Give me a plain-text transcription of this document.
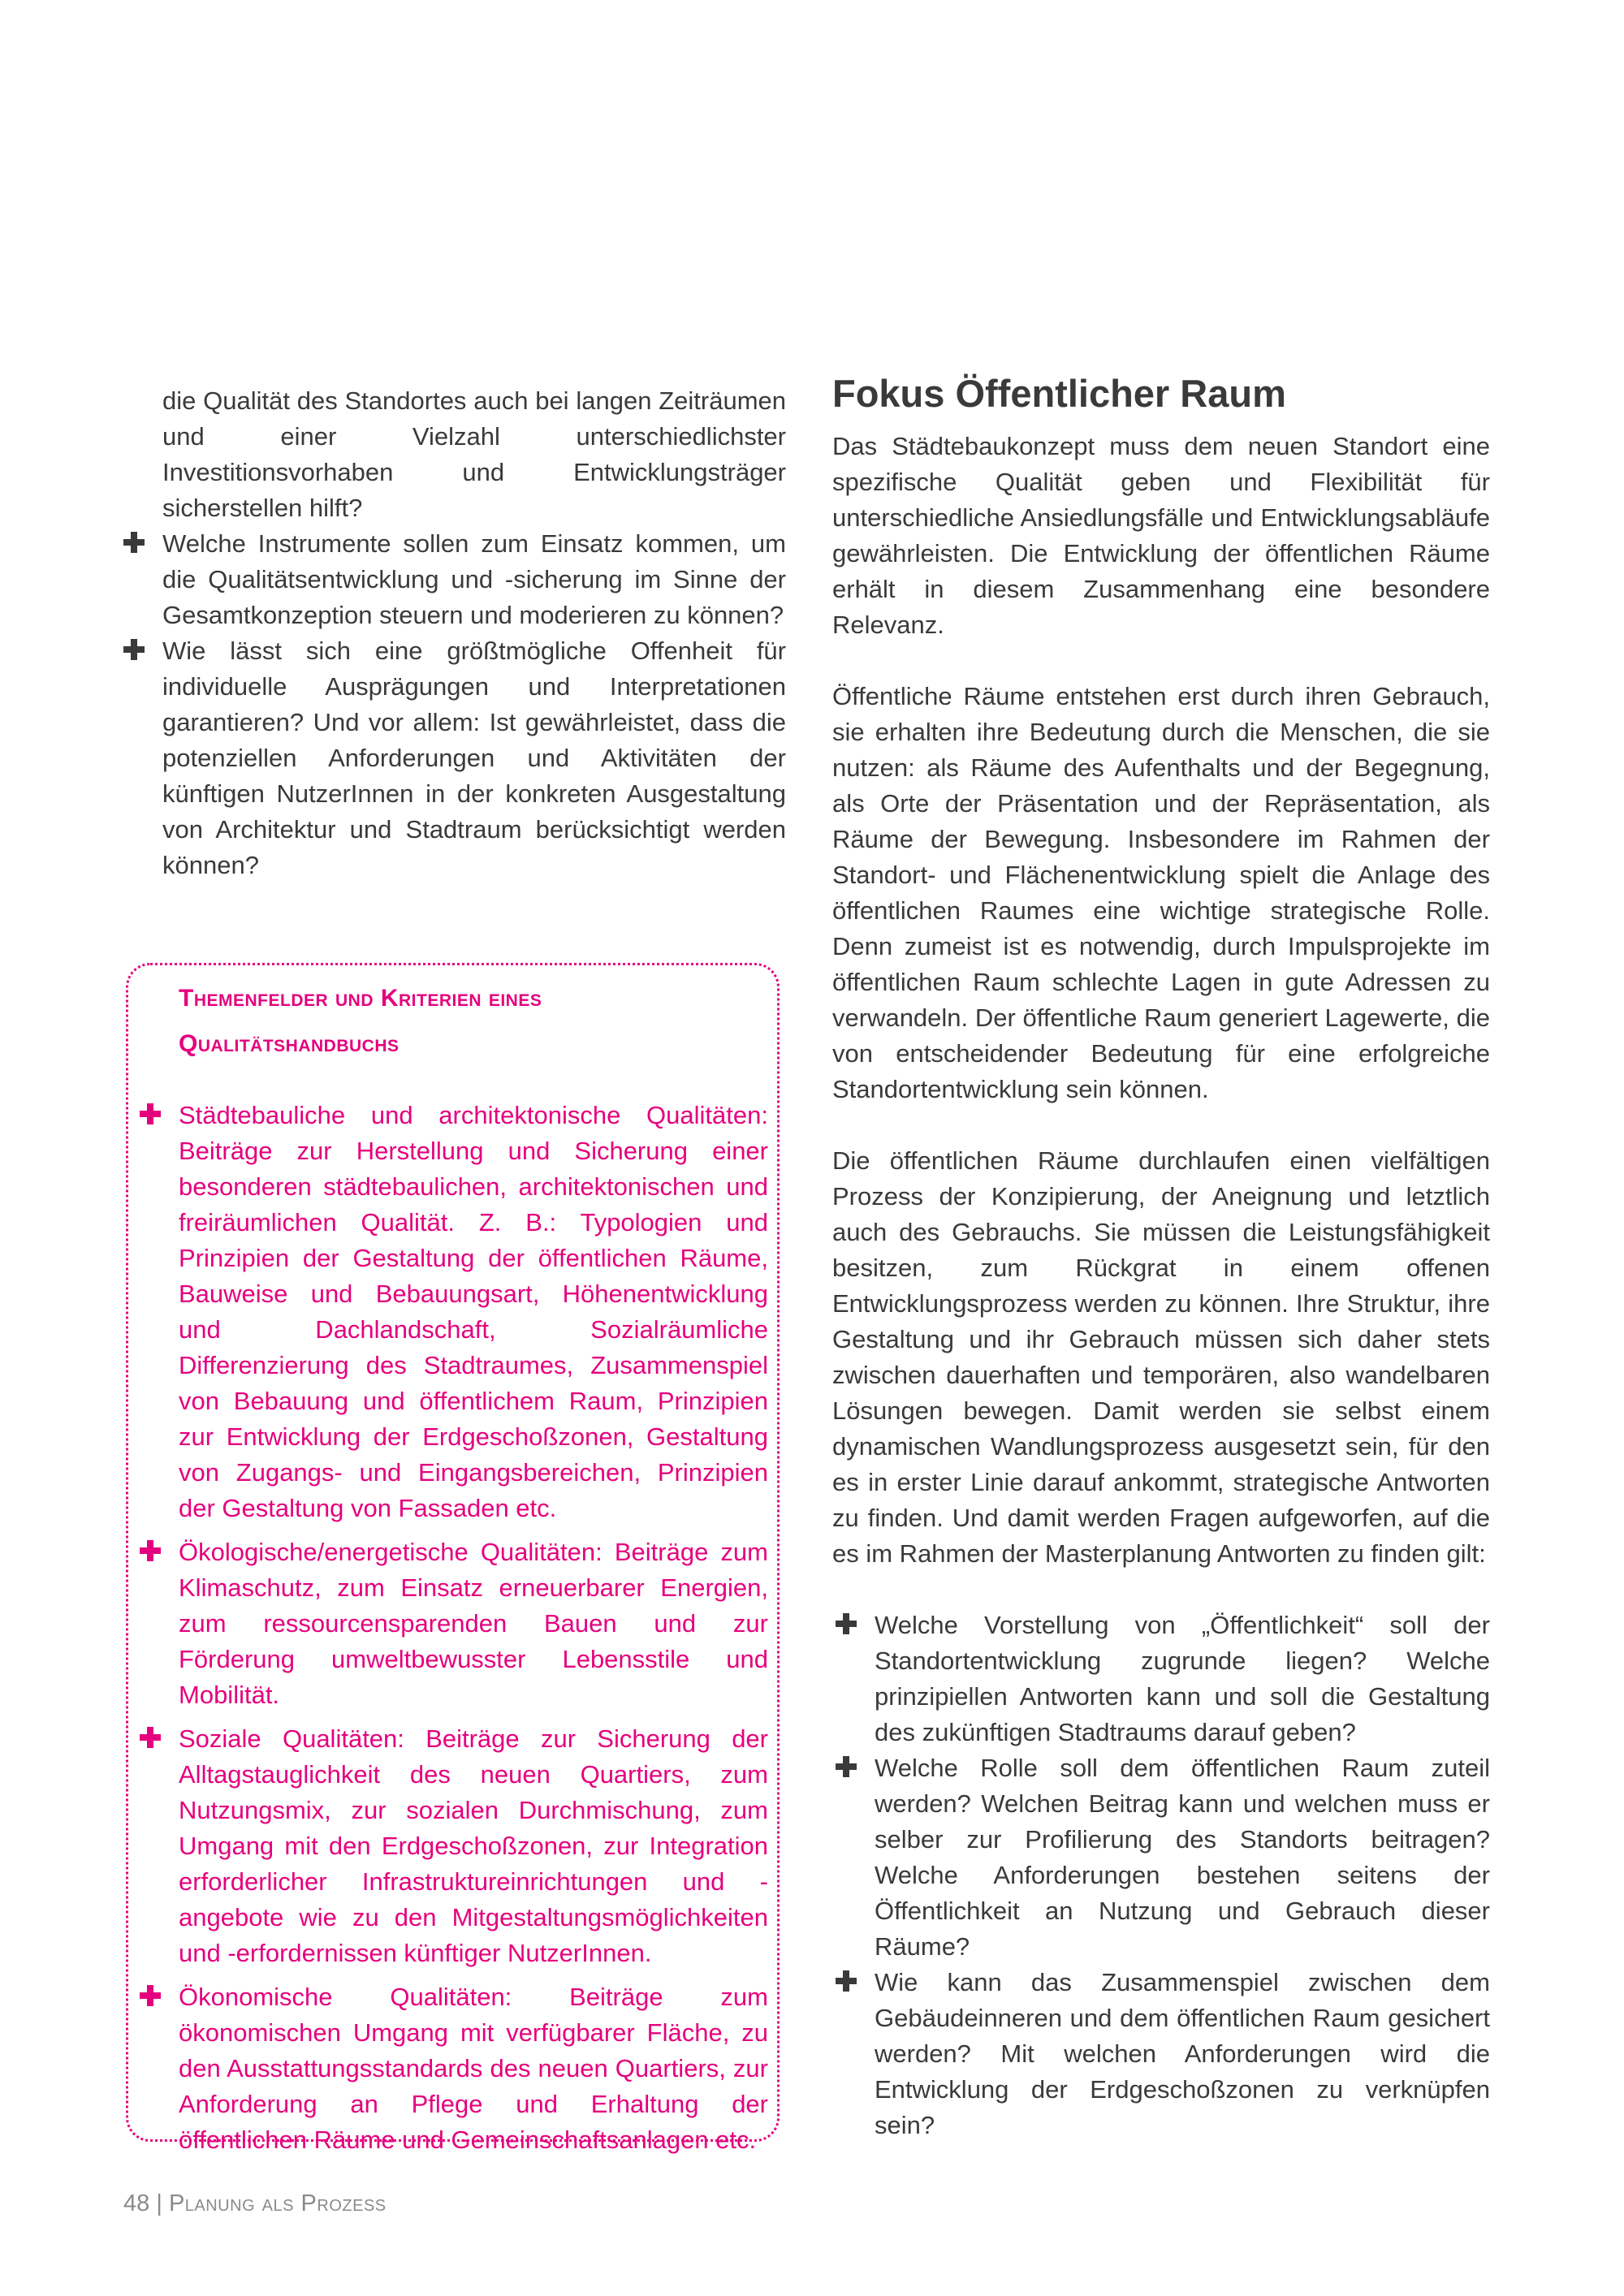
die Qualität des Standortes auch bei langen Zeiträumen und einer Vielzahl unterschiedlichster Investitionsvorhaben und Entwicklungsträger sicherstellen hilft?

Welche Instrumente sollen zum Einsatz kommen, um die Qualitätsentwicklung und -sicherung im Sinne der Gesamtkonzeption steuern und moderieren zu können?
Wie lässt sich eine größtmögliche Offenheit für individuelle Ausprägungen und Interpretationen garantieren? Und vor allem: Ist gewährleistet, dass die potenziellen Anforderungen und Aktivitäten der künftigen NutzerInnen in der konkreten Ausgestaltung von Architektur und Stadtraum berücksichtigt werden können?
Themenfelder und Kriterien eines
Qualitätshandbuchs
Städtebauliche und architektonische Qualitäten: Beiträge zur Herstellung und Sicherung einer besonderen städtebaulichen, architektonischen und freiräumlichen Qualität. Z. B.: Typologien und Prinzipien der Gestaltung der öffentlichen Räume, Bauweise und Bebauungsart, Höhenentwicklung und Dachlandschaft, Sozialräumliche Differenzierung des Stadtraumes, Zusammenspiel von Bebauung und öffentlichem Raum, Prinzipien zur Entwicklung der Erdgeschoßzonen, Gestaltung von Zugangs- und Eingangsbereichen, Prinzipien der Gestaltung von Fassaden etc.
Ökologische/energetische Qualitäten: Beiträge zum Klimaschutz, zum Einsatz erneuerbarer Energien, zum ressourcensparenden Bauen und zur Förderung umweltbewusster Lebensstile und Mobilität.
Soziale Qualitäten: Beiträge zur Sicherung der Alltagstauglichkeit des neuen Quartiers, zum Nutzungsmix, zur sozialen Durchmischung, zum Umgang mit den Erdgeschoßzonen, zur Integration erforderlicher Infrastruktureinrichtungen und -angebote wie zu den Mitgestaltungsmöglichkeiten und -erfordernissen künftiger NutzerInnen.
Ökonomische Qualitäten: Beiträge zum ökonomischen Umgang mit verfügbarer Fläche, zu den Ausstattungsstandards des neuen Quartiers, zur Anforderung an Pflege und Erhaltung der öffentlichen Räume und Gemeinschaftsanlagen etc.
Fokus Öffentlicher Raum

Das Städtebaukonzept muss dem neuen Standort eine spezifische Qualität geben und Flexibilität für unterschiedliche Ansiedlungsfälle und Entwicklungsabläufe gewährleisten. Die Entwicklung der öffentlichen Räume erhält in diesem Zusammenhang eine besondere Relevanz.

Öffentliche Räume entstehen erst durch ihren Gebrauch, sie erhalten ihre Bedeutung durch die Menschen, die sie nutzen: als Räume des Aufenthalts und der Begegnung, als Orte der Präsentation und der Repräsentation, als Räume der Bewegung. Insbesondere im Rahmen der Standort- und Flächenentwicklung spielt die Anlage des öffentlichen Raumes eine wichtige strategische Rolle. Denn zumeist ist es notwendig, durch Impulsprojekte im öffentlichen Raum schlechte Lagen in gute Adressen zu verwandeln. Der öffentliche Raum generiert Lagewerte, die von entscheidender Bedeutung für eine erfolgreiche Standortentwicklung sein können.

Die öffentlichen Räume durchlaufen einen vielfältigen Prozess der Konzipierung, der Aneignung und letztlich auch des Gebrauchs. Sie müssen die Leistungsfähigkeit besitzen, zum Rückgrat in einem offenen Entwicklungsprozess werden zu können. Ihre Struktur, ihre Gestaltung und ihr Gebrauch müssen sich daher stets zwischen dauerhaften und temporären, also wandelbaren Lösungen bewegen. Damit werden sie selbst einem dynamischen Wandlungsprozess ausgesetzt sein, für den es in erster Linie darauf ankommt, strategische Antworten zu finden. Und damit werden Fragen aufgeworfen, auf die es im Rahmen der Masterplanung Antworten zu finden gilt:

Welche Vorstellung von „Öffentlichkeit“ soll der Standortentwicklung zugrunde liegen? Welche prinzipiellen Antworten kann und soll die Gestaltung des zukünftigen Stadtraums darauf geben?
Welche Rolle soll dem öffentlichen Raum zuteil werden? Welchen Beitrag kann und welchen muss er selber zur Profilierung des Standorts beitragen? Welche Anforderungen bestehen seitens der Öffentlichkeit an Nutzung und Gebrauch dieser Räume?
Wie kann das Zusammenspiel zwischen dem Gebäudeinneren und dem öffentlichen Raum gesichert werden? Mit welchen Anforderungen wird die Entwicklung der Erdgeschoßzonen zu verknüpfen sein?
48 | Planung als Prozess
